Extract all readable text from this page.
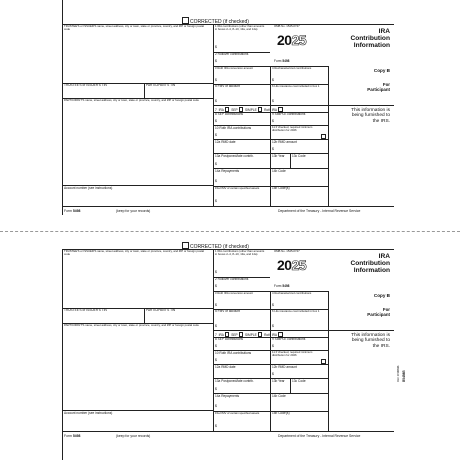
CORRECTED (if checked)
TRUSTEE'S or ISSUER'S name, street address, city or town, state or province, country, and ZIP or foreign postal code
TRUSTEE'S or ISSUER'S TIN	PARTICIPANT'S TIN
PARTICIPANT'S name, street address, city or town, state or province, country, and ZIP or foreign postal code
Account number (see instructions)
1 IRA contributions (other than amounts in boxes 2–4, 8–10, 13a, and 14a)
$
OMB No. 1545-0747
2025
Form 5498
IRA
Contribution
Information
2 Rollover contributions
$
3 Roth IRA conversion amount
$
4 Recharacterized contributions
$
Copy B
For
Participant
5 FMV of account
$
6 Life insurance cost included in box 1
$
7 IRA SEP SIMPLE Roth IRA
8 SEP contributions
$
9 SIMPLE contributions
$
10 Roth IRA contributions
$
11 If checked, required minimum distribution for 2026
This information is
being furnished to
the IRS.
12a RMD date	12b RMD amount
$
13a Postponed/late contrib.
$
13b Year 13c Code
14a Repayments
$
14b Code
15a FMV of certain specified assets
$
15b Code(s)
Form 5498	(keep for your records)	Department of the Treasury - Internal Revenue Service
CORRECTED (if checked)
TRUSTEE'S or ISSUER'S name, street address, city or town, state or province, country, and ZIP or foreign postal code
TRUSTEE'S or ISSUER'S TIN	PARTICIPANT'S TIN
PARTICIPANT'S name, street address, city or town, state or province, country, and ZIP or foreign postal code
Account number (see instructions)
1 IRA contributions (other than amounts in boxes 2–4, 8–10, 13a, and 14a)
$
OMB No. 1545-0747
2025
Form 5498
IRA
Contribution
Information
2 Rollover contributions
$
3 Roth IRA conversion amount
$
4 Recharacterized contributions
$
Copy B
For
Participant
5 FMV of account
$
6 Life insurance cost included in box 1
$
7 IRA SEP SIMPLE Roth IRA
8 SEP contributions
$
9 SIMPLE contributions
$
10 Roth IRA contributions
$
11 If checked, required minimum distribution for 2026
This information is
being furnished to
the IRS.
12a RMD date	12b RMD amount
$
13a Postponed/late contrib.
$
13b Year 13c Code
14a Repayments
$
14b Code
15a FMV of certain specified assets
$
15b Code(s)
Form 5498	(keep for your records)	Department of the Treasury - Internal Revenue Service
B5498B
MEF 27389666
